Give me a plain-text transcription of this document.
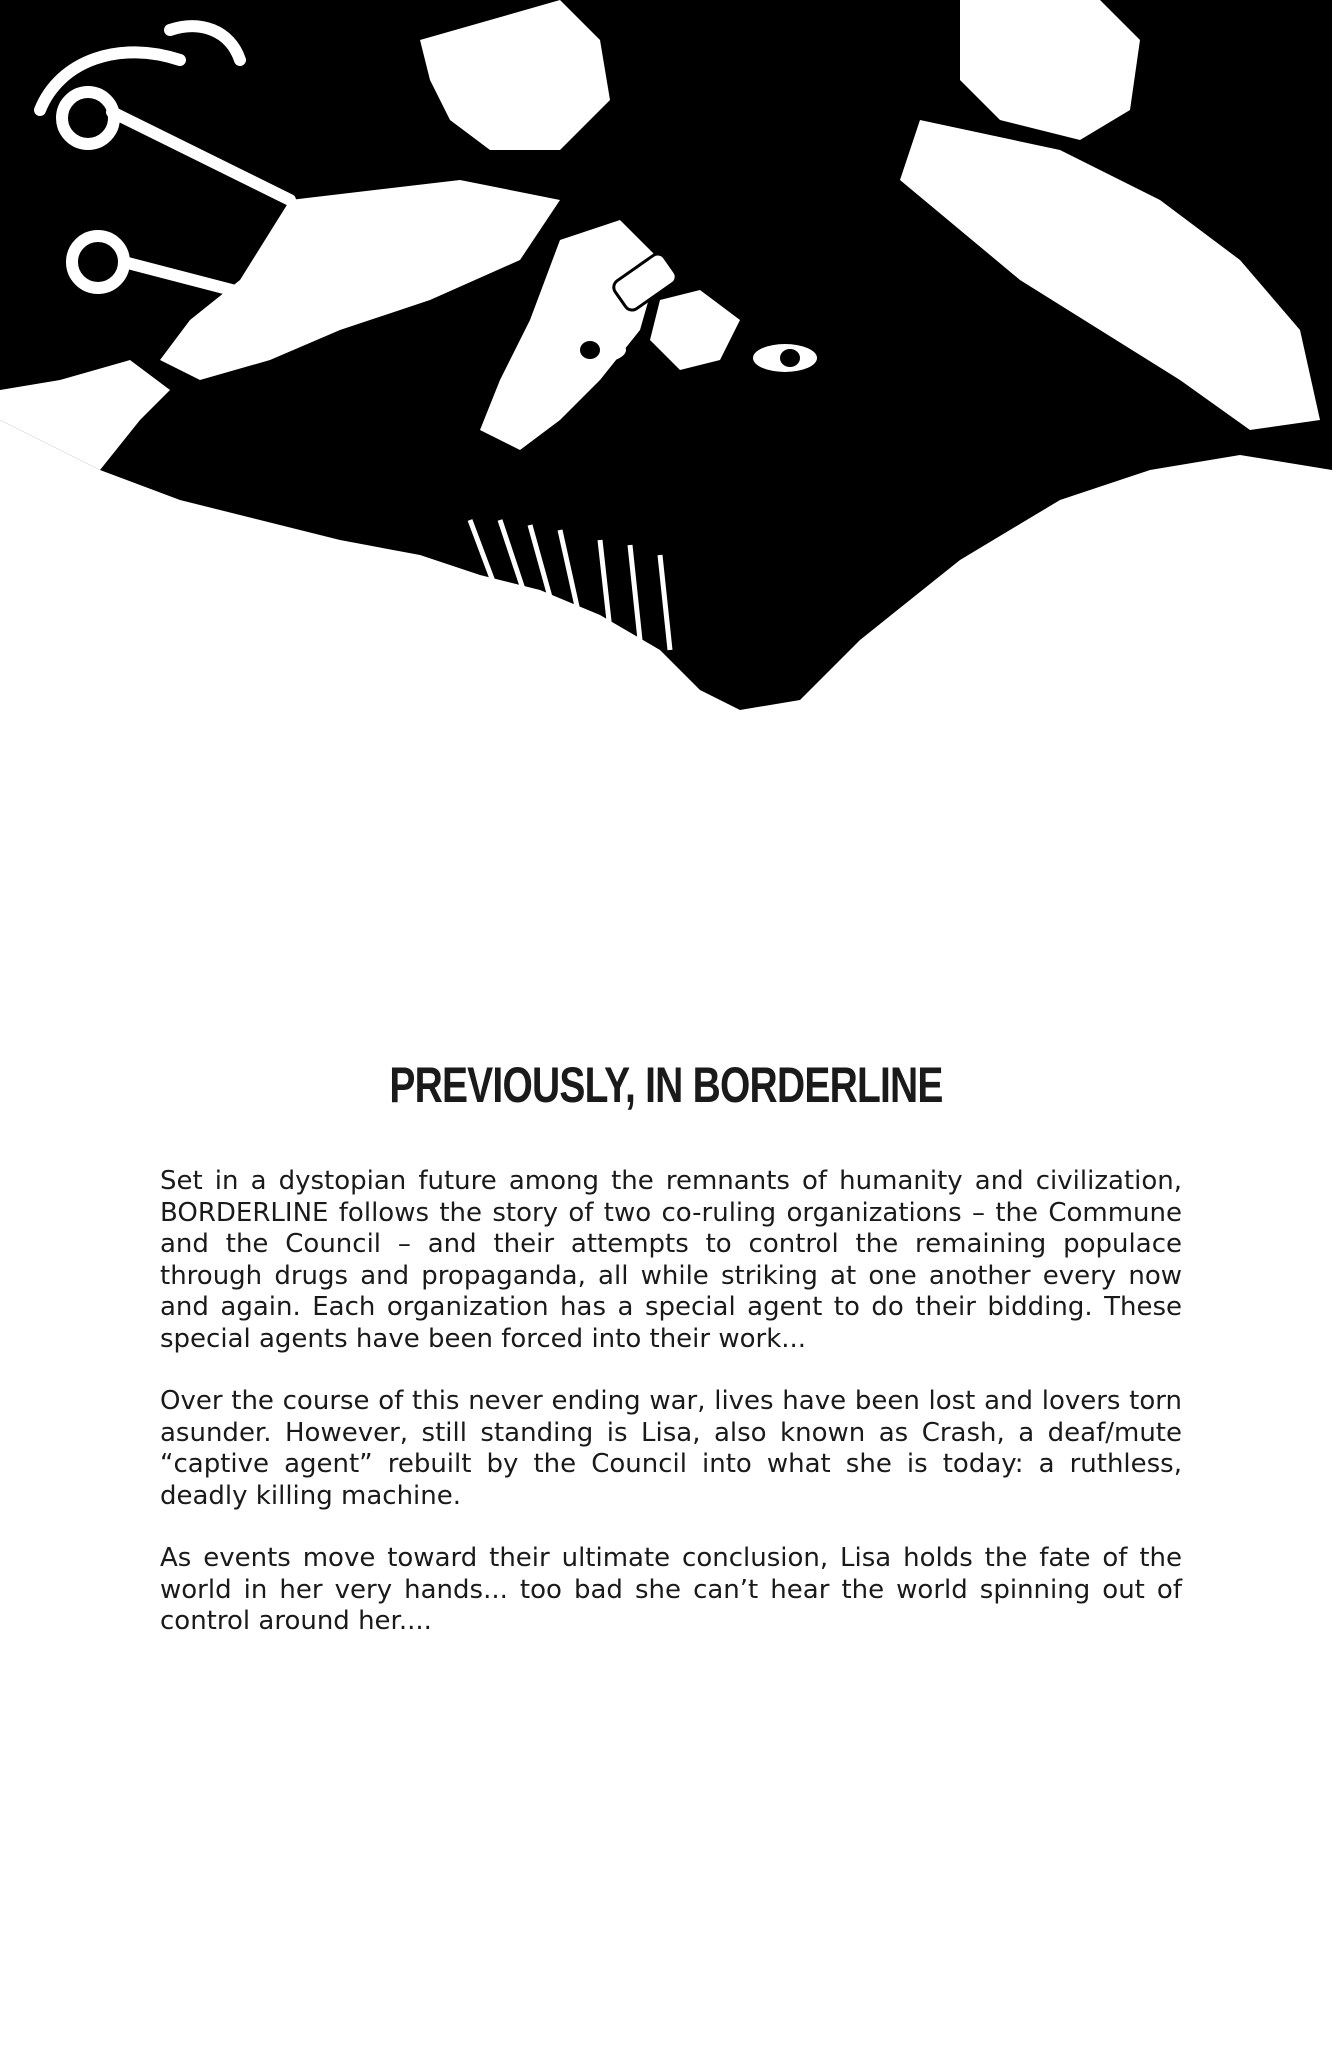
PREVIOUSLY, IN BORDERLINE

Set in a dystopian future among the remnants of humanity and civilization, BORDERLINE follows the story of two co-ruling organizations – the Commune and the Council – and their attempts to control the remaining populace through drugs and propaganda, all while striking at one another every now and again. Each organization has a special agent to do their bidding. These special agents have been forced into their work...

Over the course of this never ending war, lives have been lost and lovers torn asunder. However, still standing is Lisa, also known as Crash, a deaf/mute “captive agent” rebuilt by the Council into what she is today: a ruthless, deadly killing machine.

As events move toward their ultimate conclusion, Lisa holds the fate of the world in her very hands... too bad she can’t hear the world spinning out of control around her....
